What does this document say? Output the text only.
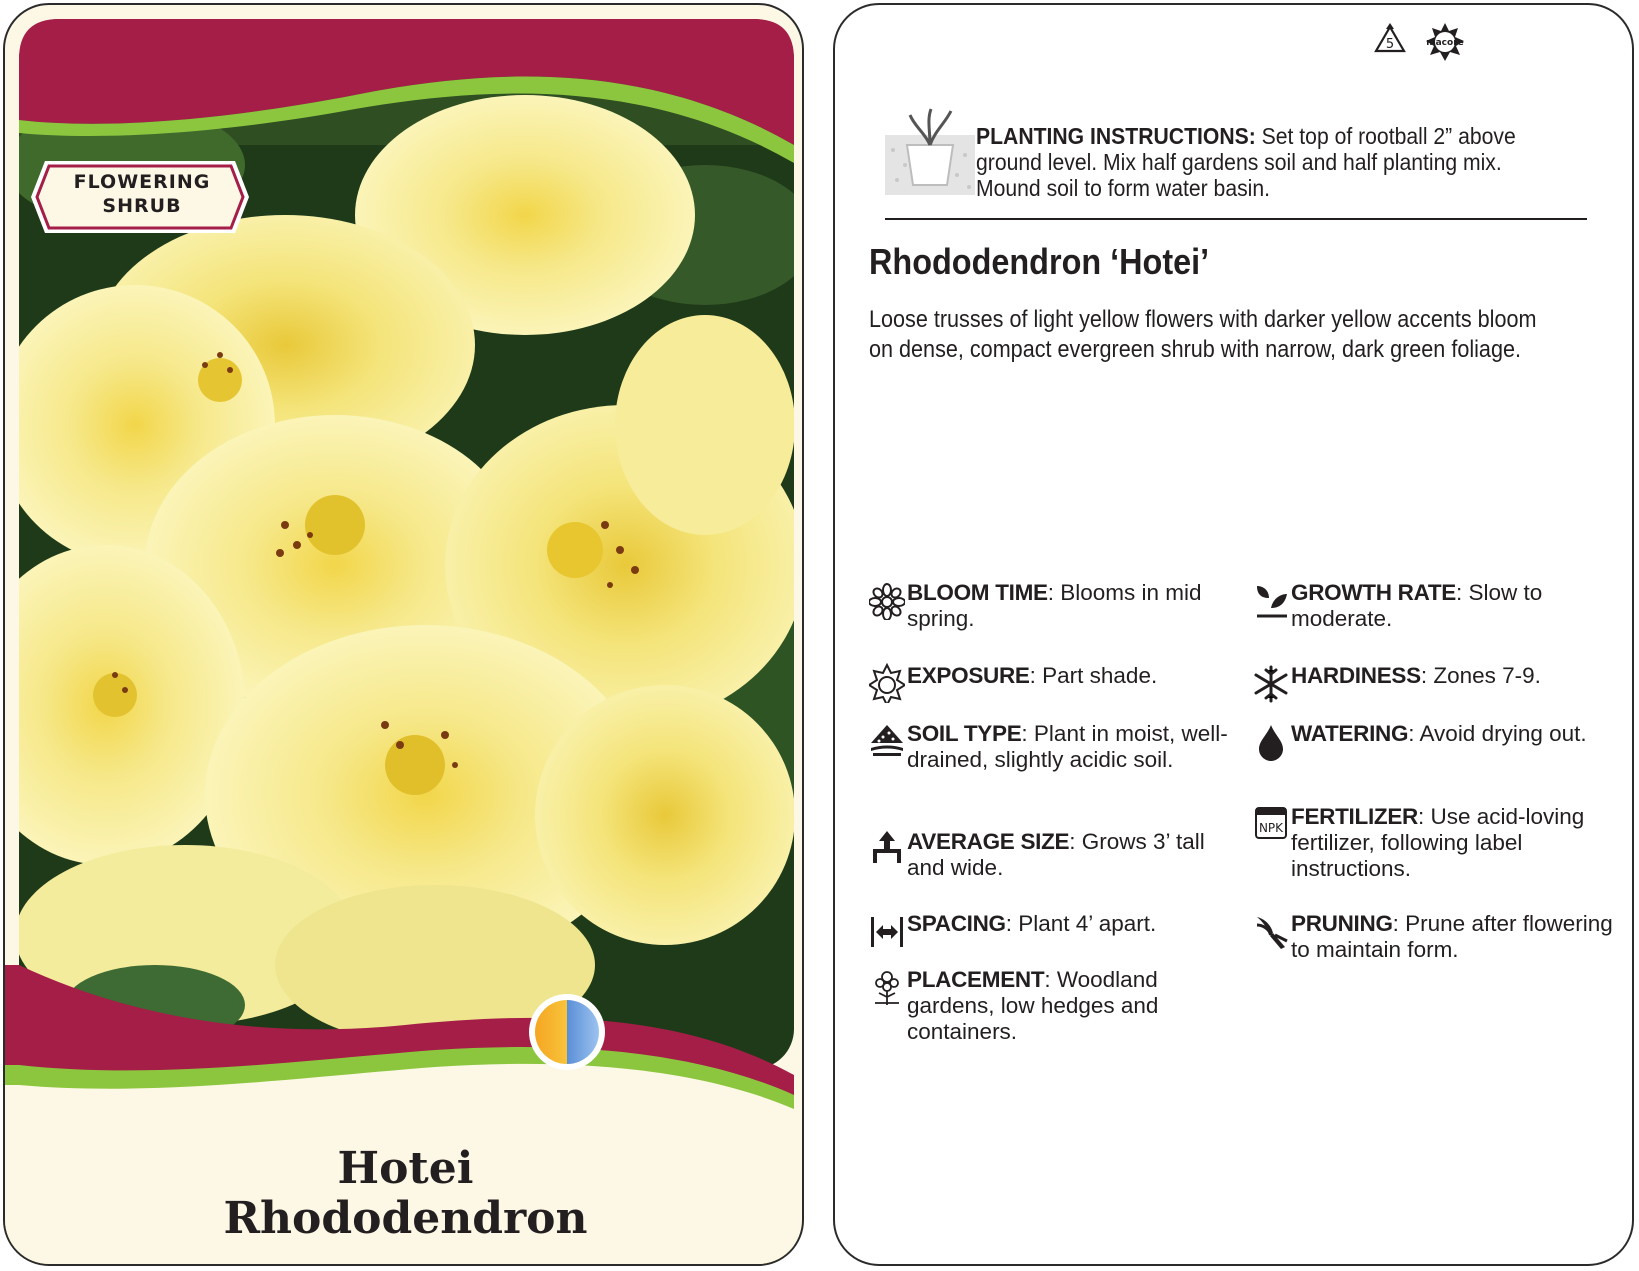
FLOWERING
SHRUB
Hotei
Rhododendron
5	macore
PLANTING INSTRUCTIONS: Set top of rootball 2” above ground level. Mix half gardens soil and half planting mix. Mound soil to form water basin.
Rhododendron ‘Hotei’
Loose trusses of light yellow flowers with darker yellow accents bloom on dense, compact evergreen shrub with narrow, dark green foliage.
BLOOM TIME: Blooms in mid spring.
EXPOSURE: Part shade.
SOIL TYPE: Plant in moist, well-drained, slightly acidic soil.
AVERAGE SIZE: Grows 3’ tall and wide.
SPACING: Plant 4’ apart.
PLACEMENT: Woodland gardens, low hedges and containers.
GROWTH RATE: Slow to moderate.
HARDINESS: Zones 7-9.
WATERING: Avoid drying out.
NPK FERTILIZER: Use acid-loving fertilizer, following label instructions.
PRUNING: Prune after flowering to maintain form.
